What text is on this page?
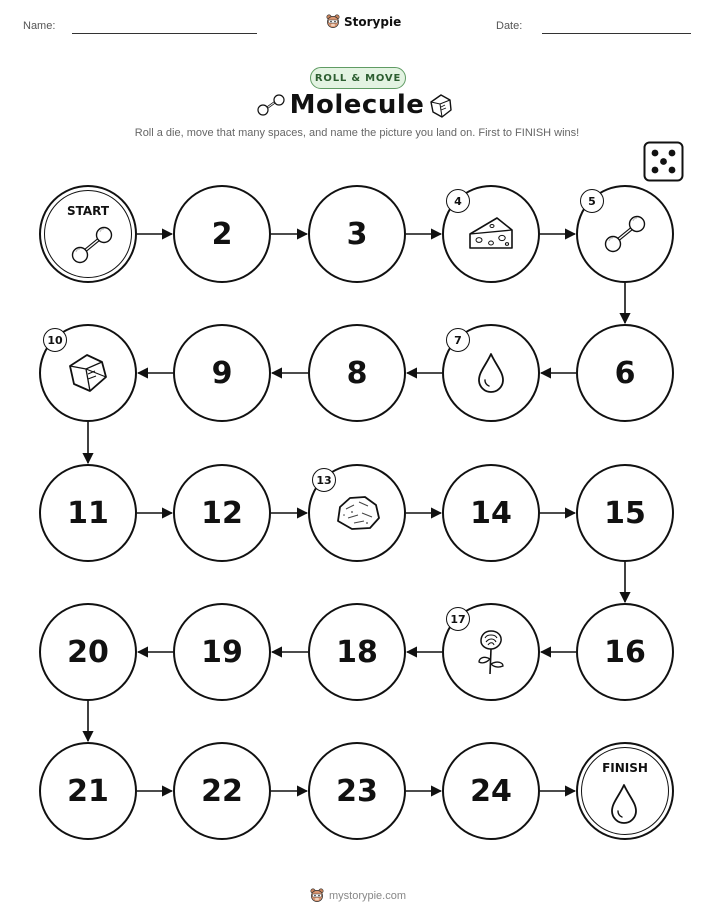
Name:	Storypie	Date:
ROLL & MOVE
Molecule
Roll a die, move that many spaces, and name the picture you land on. First to FINISH wins!
START
2	3
4	5
6
7
8
9
10
11	12
13
14	15
16
17
18
19
20
21	22	23	24
FINISH
mystorypie.com
